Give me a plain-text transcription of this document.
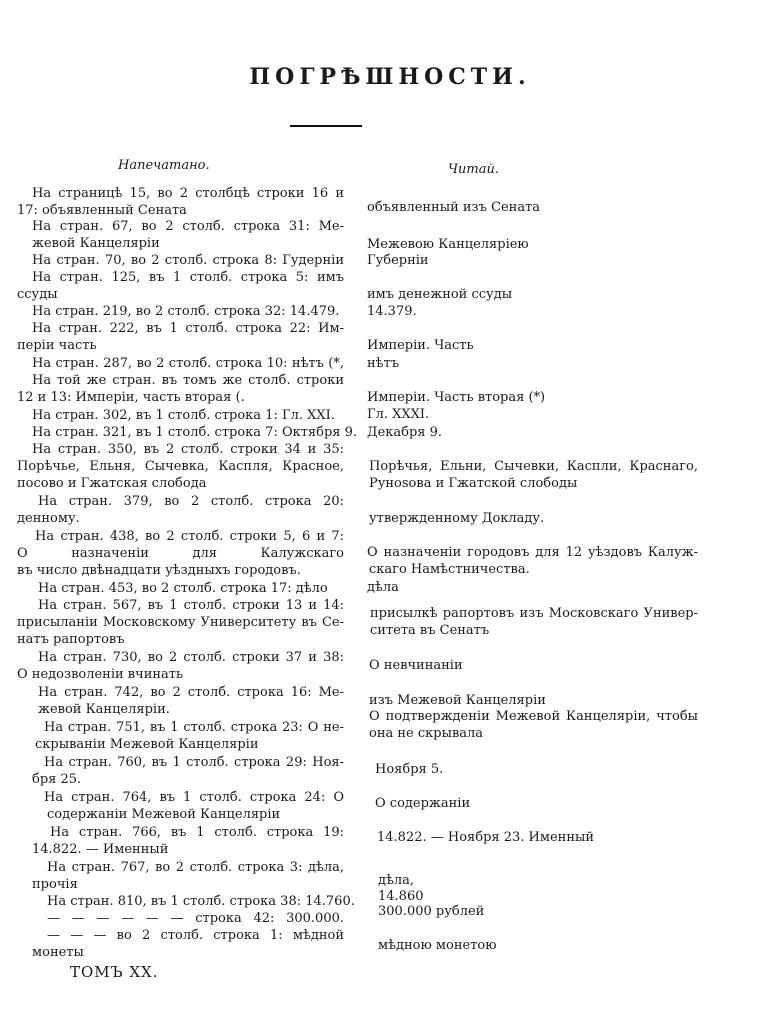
ПОГРѢШНОСТИ.
Напечатано.	Читай.
На страницѣ 15, во 2 столбцѣ строки 16 и
17: объявленный Сената
На стран. 67, во 2 столб. строка 31: Ме-
жевой Канцеляріи
На стран. 70, во 2 столб. строка 8: Гудерніи
На стран. 125, въ 1 столб. строка 5: имъ
ссуды
На стран. 219, во 2 столб. строка 32: 14.479.
На стран. 222, въ 1 столб. строка 22: Им-
періи часть
На стран. 287, во 2 столб. строка 10: нѣтъ (*,
На той же стран. въ томъ же столб. строки
12 и 13: Имперіи, часть вторая (.
На стран. 302, въ 1 столб. строка 1: Гл. XXI.
На стран. 321, въ 1 столб. строка 7: Октября 9.
На стран. 350, въ 2 столб. строки 34 и 35:
Порѣчье, Ельня, Сычевка, Каспля, Красное,
посово и Гжатская слобода
На стран. 379, во 2 столб. строка 20:
денному.
На стран. 438, во 2 столб. строки 5, 6 и 7:
О назначеніи для Калужскаго
въ число двѣнадцати уѣздныхъ городовъ.
На стран. 453, во 2 столб. строка 17: дѣло
На стран. 567, въ 1 столб. строки 13 и 14:
присыланіи Московскому Университету въ Се-
натъ рапортовъ
На стран. 730, во 2 столб. строки 37 и 38:
О недозволеніи вчинать
На стран. 742, во 2 столб. строка 16: Ме-
жевой Канцеляріи.
На стран. 751, въ 1 столб. строка 23: О не-
скрываніи Межевой Канцеляріи
На стран. 760, въ 1 столб. строка 29: Ноя-
бря 25.
На стран. 764, въ 1 столб. строка 24: О
содержаніи Межевой Канцеляріи
На стран. 766, въ 1 столб. строка 19:
14.822. — Именный
На стран. 767, во 2 столб. строка 3: дѣла,
прочія
На стран. 810, въ 1 столб. строка 38: 14.760.
— — — — — — строка 42: 300.000.
— — — во 2 столб. строка 1: мѣдной
монеты
объявленный изъ Сената
Межевою Канцеляріею
Губерніи
имъ денежной ссуды
14.379.
Имперіи. Часть
нѣтъ
Имперіи. Часть вторая (*)
Гл. XXXI.
Декабря 9.
Порѣчья, Ельни, Сычевки, Каспли, Краснаго,
Рунosова и Гжатской слободы
утвержденному Докладу.
О назначеніи городовъ для 12 уѣздовъ Калуж-
скаго Намѣстничества.
дѣла
присылкѣ рапортовъ изъ Московскаго Универ-
ситета въ Сенатъ
О невчинаніи
изъ Межевой Канцеляріи
О подтвержденіи Межевой Канцеляріи, чтобы
она не скрывала
Ноября 5.
О содержаніи
14.822. — Ноября 23. Именный
дѣла,
14.860
300.000 рублей
мѣдною монетою
ТОМЪ XX.
